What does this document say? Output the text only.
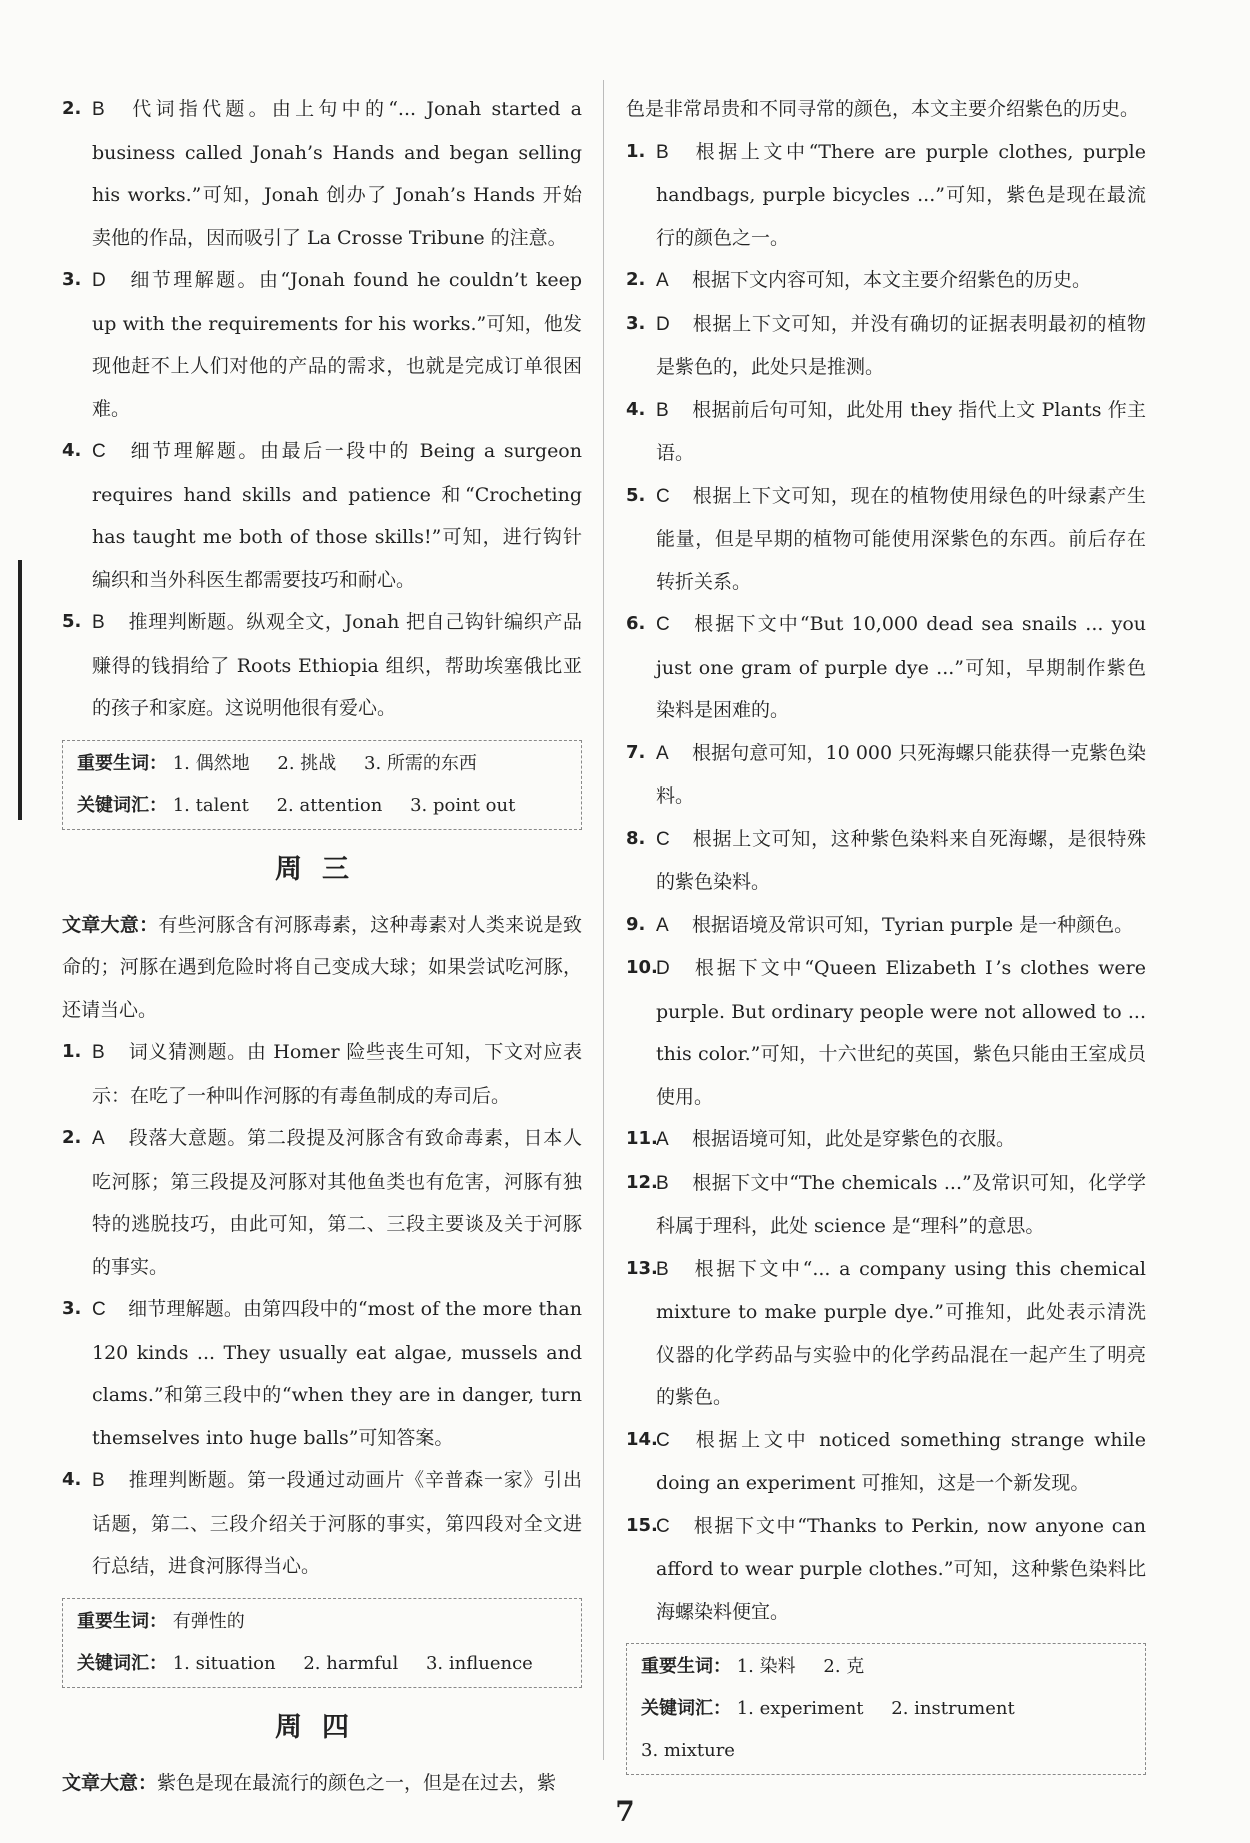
2. B 代词指代题。由上句中的“... Jonah started a business called Jonah’s Hands and began selling his works.”可知，Jonah 创办了 Jonah’s Hands 开始卖他的作品，因而吸引了 La Crosse Tribune 的注意。

3. D 细节理解题。由“Jonah found he couldn’t keep up with the requirements for his works.”可知，他发现他赶不上人们对他的产品的需求，也就是完成订单很困难。

4. C 细节理解题。由最后一段中的 Being a surgeon requires hand skills and patience 和“Crocheting has taught me both of those skills!”可知，进行钩针编织和当外科医生都需要技巧和耐心。

5. B 推理判断题。纵观全文，Jonah 把自己钩针编织产品赚得的钱捐给了 Roots Ethiopia 组织，帮助埃塞俄比亚的孩子和家庭。这说明他很有爱心。

重要生词： 1. 偶然地 2. 挑战 3. 所需的东西
关键词汇： 1. talent 2. attention 3. point out
周三

文章大意：有些河豚含有河豚毒素，这种毒素对人类来说是致命的；河豚在遇到危险时将自己变成大球；如果尝试吃河豚，还请当心。

1. B 词义猜测题。由 Homer 险些丧生可知，下文对应表示：在吃了一种叫作河豚的有毒鱼制成的寿司后。

2. A 段落大意题。第二段提及河豚含有致命毒素，日本人吃河豚；第三段提及河豚对其他鱼类也有危害，河豚有独特的逃脱技巧，由此可知，第二、三段主要谈及关于河豚的事实。

3. C 细节理解题。由第四段中的“most of the more than 120 kinds ... They usually eat algae, mussels and clams.”和第三段中的“when they are in danger, turn themselves into huge balls”可知答案。

4. B 推理判断题。第一段通过动画片《辛普森一家》引出话题，第二、三段介绍关于河豚的事实，第四段对全文进行总结，进食河豚得当心。

重要生词： 有弹性的
关键词汇： 1. situation 2. harmful 3. influence
周四

文章大意：紫色是现在最流行的颜色之一，但是在过去，紫

色是非常昂贵和不同寻常的颜色，本文主要介绍紫色的历史。

1. B 根据上文中“There are purple clothes, purple handbags, purple bicycles ...”可知，紫色是现在最流行的颜色之一。

2. A 根据下文内容可知，本文主要介绍紫色的历史。

3. D 根据上下文可知，并没有确切的证据表明最初的植物是紫色的，此处只是推测。

4. B 根据前后句可知，此处用 they 指代上文 Plants 作主语。

5. C 根据上下文可知，现在的植物使用绿色的叶绿素产生能量，但是早期的植物可能使用深紫色的东西。前后存在转折关系。

6. C 根据下文中“But 10,000 dead sea snails ... you just one gram of purple dye ...”可知，早期制作紫色染料是困难的。

7. A 根据句意可知，10 000 只死海螺只能获得一克紫色染料。

8. C 根据上文可知，这种紫色染料来自死海螺，是很特殊的紫色染料。

9. A 根据语境及常识可知，Tyrian purple 是一种颜色。

10.
D 根据下文中“Queen Elizabeth Ⅰ’s clothes were purple. But ordinary people were not allowed to ... this color.”可知，十六世纪的英国，紫色只能由王室成员使用。

11.
A 根据语境可知，此处是穿紫色的衣服。

12.
B 根据下文中“The chemicals ...”及常识可知，化学学科属于理科，此处 science 是“理科”的意思。

13.
B 根据下文中“... a company using this chemical mixture to make purple dye.”可推知，此处表示清洗仪器的化学药品与实验中的化学药品混在一起产生了明亮的紫色。

14.
C 根据上文中 noticed something strange while doing an experiment 可推知，这是一个新发现。

15.
C 根据下文中“Thanks to Perkin, now anyone can afford to wear purple clothes.”可知，这种紫色染料比海螺染料便宜。

重要生词： 1. 染料 2. 克
关键词汇： 1. experiment 2. instrument 3. mixture
7
